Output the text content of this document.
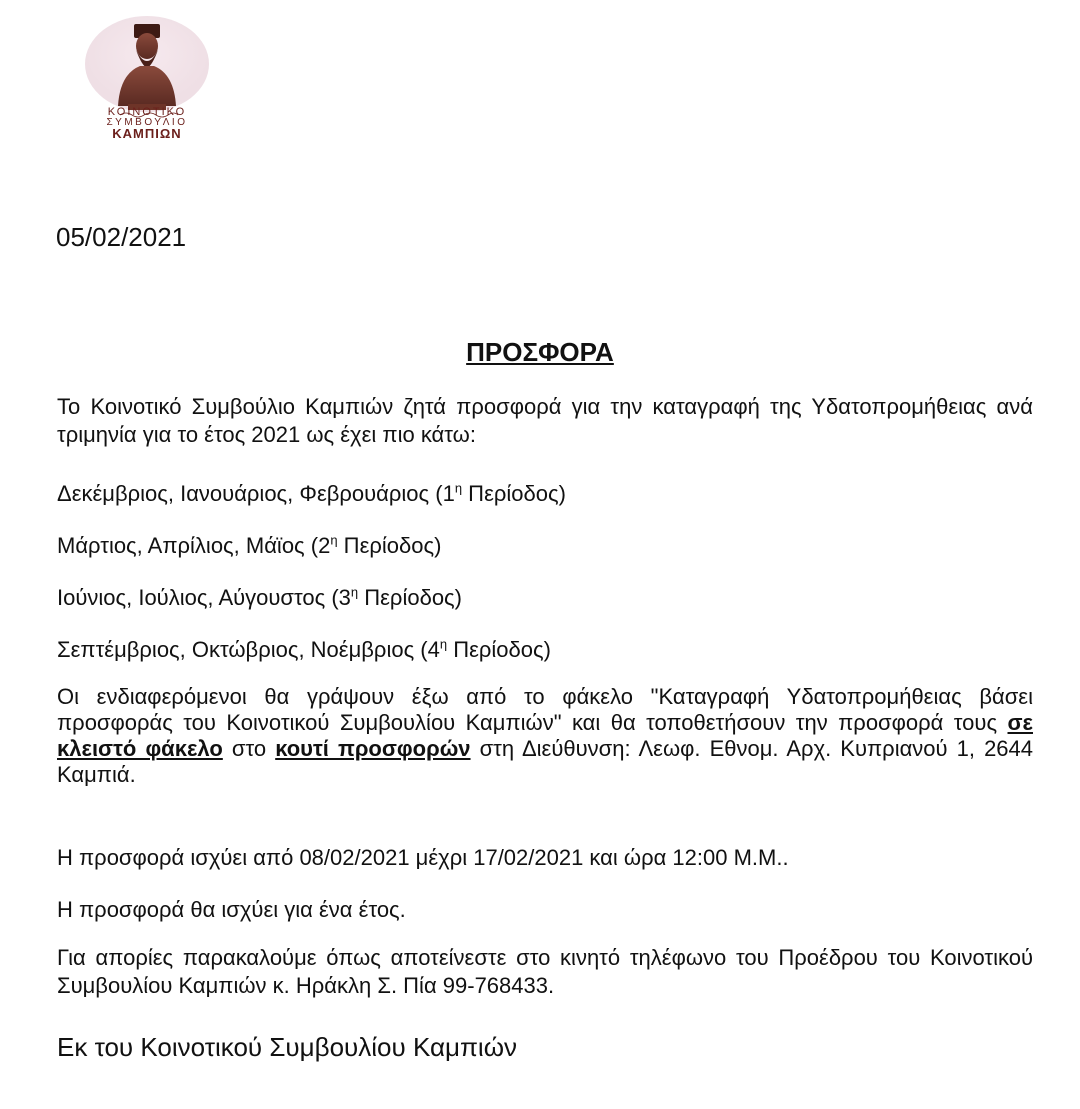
ΚΟΙΝΟΤΙΚΟ
ΣΥΜΒΟΥΛΙΟ
ΚΑΜΠΙΩΝ
05/02/2021
ΠΡΟΣΦΟΡΑ
Το Κοινοτικό Συμβούλιο Καμπιών ζητά προσφορά για την καταγραφή της Υδατοπρομήθειας ανά τριμηνία για το έτος 2021 ως έχει πιο κάτω:
Δεκέμβριος, Ιανουάριος, Φεβρουάριος ($1^\eta$ Περίοδος)
Μάρτιος, Απρίλιος, Μάϊος ($2^\eta$ Περίοδος)
Ιούνιος, Ιούλιος, Αύγουστος ($3^\eta$ Περίοδος)
Σεπτέμβριος, Οκτώβριος, Νοέμβριος ($4^\eta$ Περίοδος)
Οι ενδιαφερόμενοι θα γράψουν έξω από το φάκελο "Καταγραφή Υδατοπρομήθειας βάσει προσφοράς του Κοινοτικού Συμβουλίου Καμπιών" και θα τοποθετήσουν την προσφορά τους σε κλειστό φάκελο στο κουτί προσφορών στη Διεύθυνση: Λεωφ. Εθνομ. Αρχ. Κυπριανού 1, 2644 Καμπιά.
Η προσφορά ισχύει από 08/02/2021 μέχρι 17/02/2021 και ώρα 12:00 Μ.Μ..
Η προσφορά θα ισχύει για ένα έτος.
Για απορίες παρακαλούμε όπως αποτείνεστε στο κινητό τηλέφωνο του Προέδρου του Κοινοτικού Συμβουλίου Καμπιών κ. Ηράκλη Σ. Πία 99-768433.
Εκ του Κοινοτικού Συμβουλίου Καμπιών
